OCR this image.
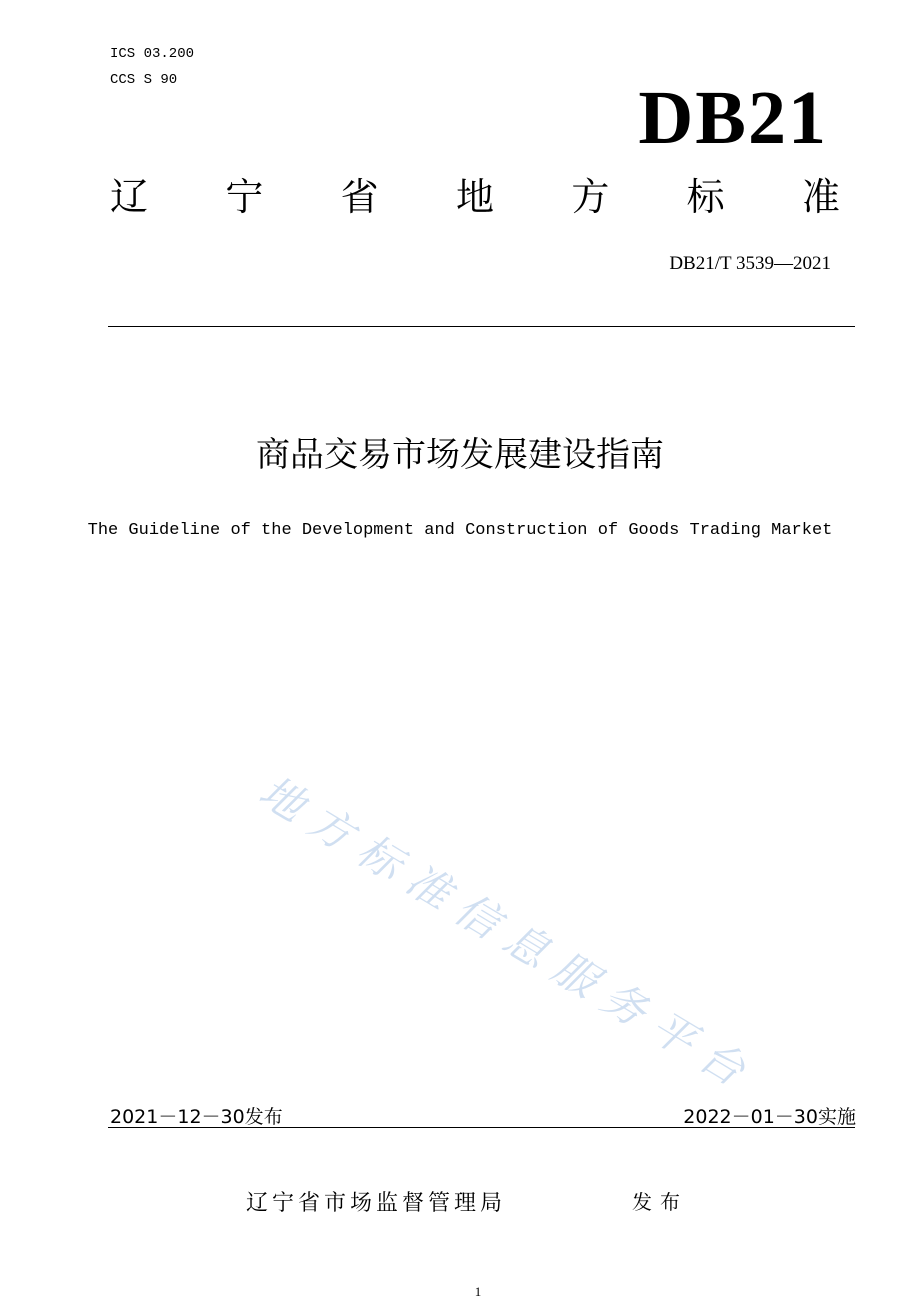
ICS 03.200
CCS S 90	DB21
辽 宁 省 地 方 标 准
DB21/T 3539—2021
商品交易市场发展建设指南
The Guideline of the Development and Construction of Goods Trading Market
地
方
标
准
信
息
服
务
平
台
2021－12－30发布	2022－01－30实施
辽宁省市场监督管理局	发布
1
